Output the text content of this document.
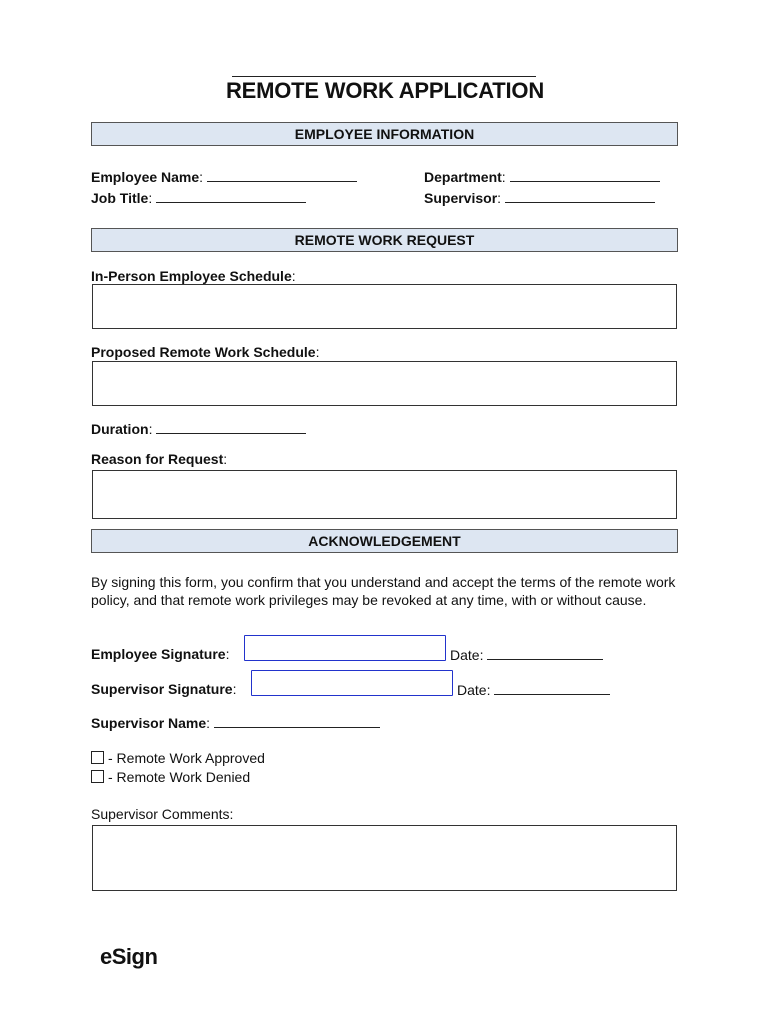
REMOTE WORK APPLICATION
EMPLOYEE INFORMATION
Employee Name:	Department:
Job Title:	Supervisor:
REMOTE WORK REQUEST
In-Person Employee Schedule:
Proposed Remote Work Schedule:
Duration:
Reason for Request:
ACKNOWLEDGEMENT
By signing this form, you confirm that you understand and accept the terms of the remote work policy, and that remote work privileges may be revoked at any time, with or without cause.
Employee Signature:	Date:
Supervisor Signature:	Date:
Supervisor Name:
- Remote Work Approved
- Remote Work Denied
Supervisor Comments:
eSign
